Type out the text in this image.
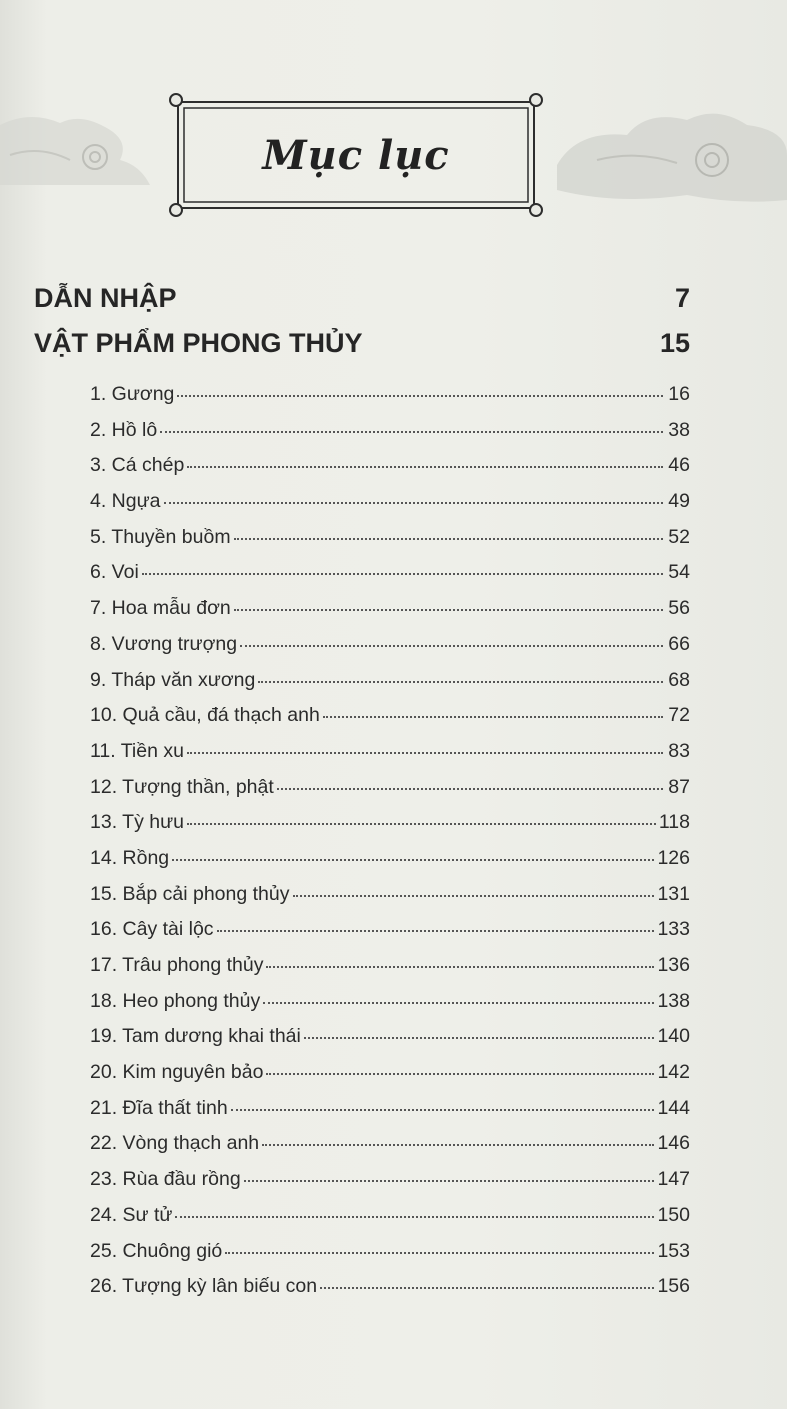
Mục lục
DẪN NHẬP	7
VẬT PHẨM PHONG THỦY	15
1. Gương	16
2. Hồ lô	38
3. Cá chép	46
4. Ngựa	49
5. Thuyền buồm	52
6. Voi	54
7. Hoa mẫu đơn	56
8. Vương trượng	66
9. Tháp văn xương	68
10. Quả cầu, đá thạch anh	72
11. Tiền xu	83
12. Tượng thần, phật	87
13. Tỳ hưu	118
14. Rồng	126
15. Bắp cải phong thủy	131
16. Cây tài lộc	133
17. Trâu phong thủy	136
18. Heo phong thủy	138
19. Tam dương khai thái	140
20. Kim nguyên bảo	142
21. Đĩa thất tinh	144
22. Vòng thạch anh	146
23. Rùa đầu rồng	147
24. Sư tử	150
25. Chuông gió	153
26. Tượng kỳ lân biếu con	156
